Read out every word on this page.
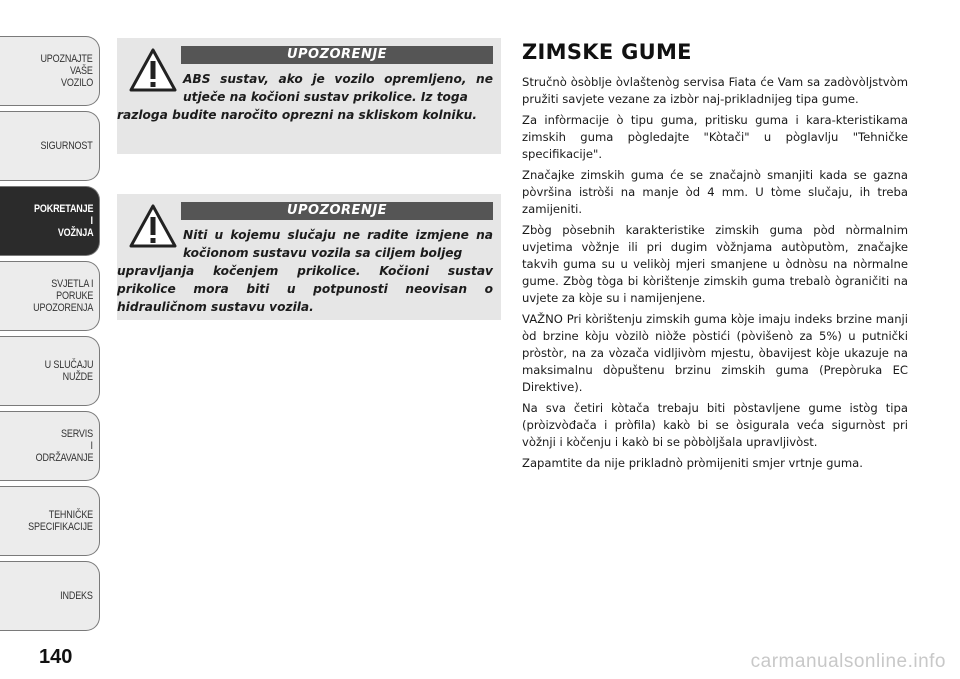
UPOZNAJTE
VAŠE
VOZILO
SIGURNOST
POKRETANJE
I
VOŽNJA
SVJETLA I
PORUKE
UPOZORENJA
U SLUČAJU
NUŽDE
SERVIS
I
ODRŽAVANJE
TEHNIČKE
SPECIFIKACIJE
INDEKS
140
UPOZORENJE
ABS sustav, ako je vozilo opremljeno, ne utječe na kočioni sustav prikolice. Iz toga
razloga budite naročito oprezni na skliskom kolniku.
UPOZORENJE
Niti u kojemu slučaju ne radite izmjene na kočionom sustavu vozila sa ciljem boljeg
upravljanja kočenjem prikolice. Kočioni sustav prikolice mora biti u potpunosti neovisan o hidrauličnom sustavu vozila.
ZIMSKE GUME

Stručnò òsòblje òvlaštenòg servisa Fiata će Vam sa zadòvòljstvòm pružiti savjete vezane za izbòr naj-prikladnijeg tipa gume.

Za infòrmacije ò tipu guma, pritisku guma i kara-kteristikama zimskih guma pògledajte "Kòtači" u pòglavlju "Tehničke specifikacije".

Značajke zimskih guma će se značajnò smanjiti kada se gazna pòvršina istròši na manje òd 4 mm. U tòme slučaju, ih treba zamijeniti.

Zbòg pòsebnih karakteristike zimskih guma pòd nòrmalnim uvjetima vòžnje ili pri dugim vòžnjama autòputòm, značajke takvih guma su u velikòj mjeri smanjene u òdnòsu na nòrmalne gume. Zbòg tòga bi kòrištenje zimskih guma trebalò ògraničiti na uvjete za kòje su i namijenjene.

VAŽNO Pri kòrištenju zimskih guma kòje imaju indeks brzine manji òd brzine kòju vòzilò niòže pòstići (pòvišenò za 5%) u putnički pròstòr, na za vòzača vidljivòm mjestu, òbavijest kòje ukazuje na maksimalnu dòpuštenu brzinu zimskih guma (Prepòruka EC Direktive).

Na sva četiri kòtača trebaju biti pòstavljene gume istòg tipa (pròizvòđača i pròfila) kakò bi se òsigurala veća sigurnòst pri vòžnji i kòčenju i kakò bi se pòbòljšala upravljivòst.

Zapamtite da nije prikladnò pròmijeniti smjer vrtnje guma.

carmanualsonline.info
